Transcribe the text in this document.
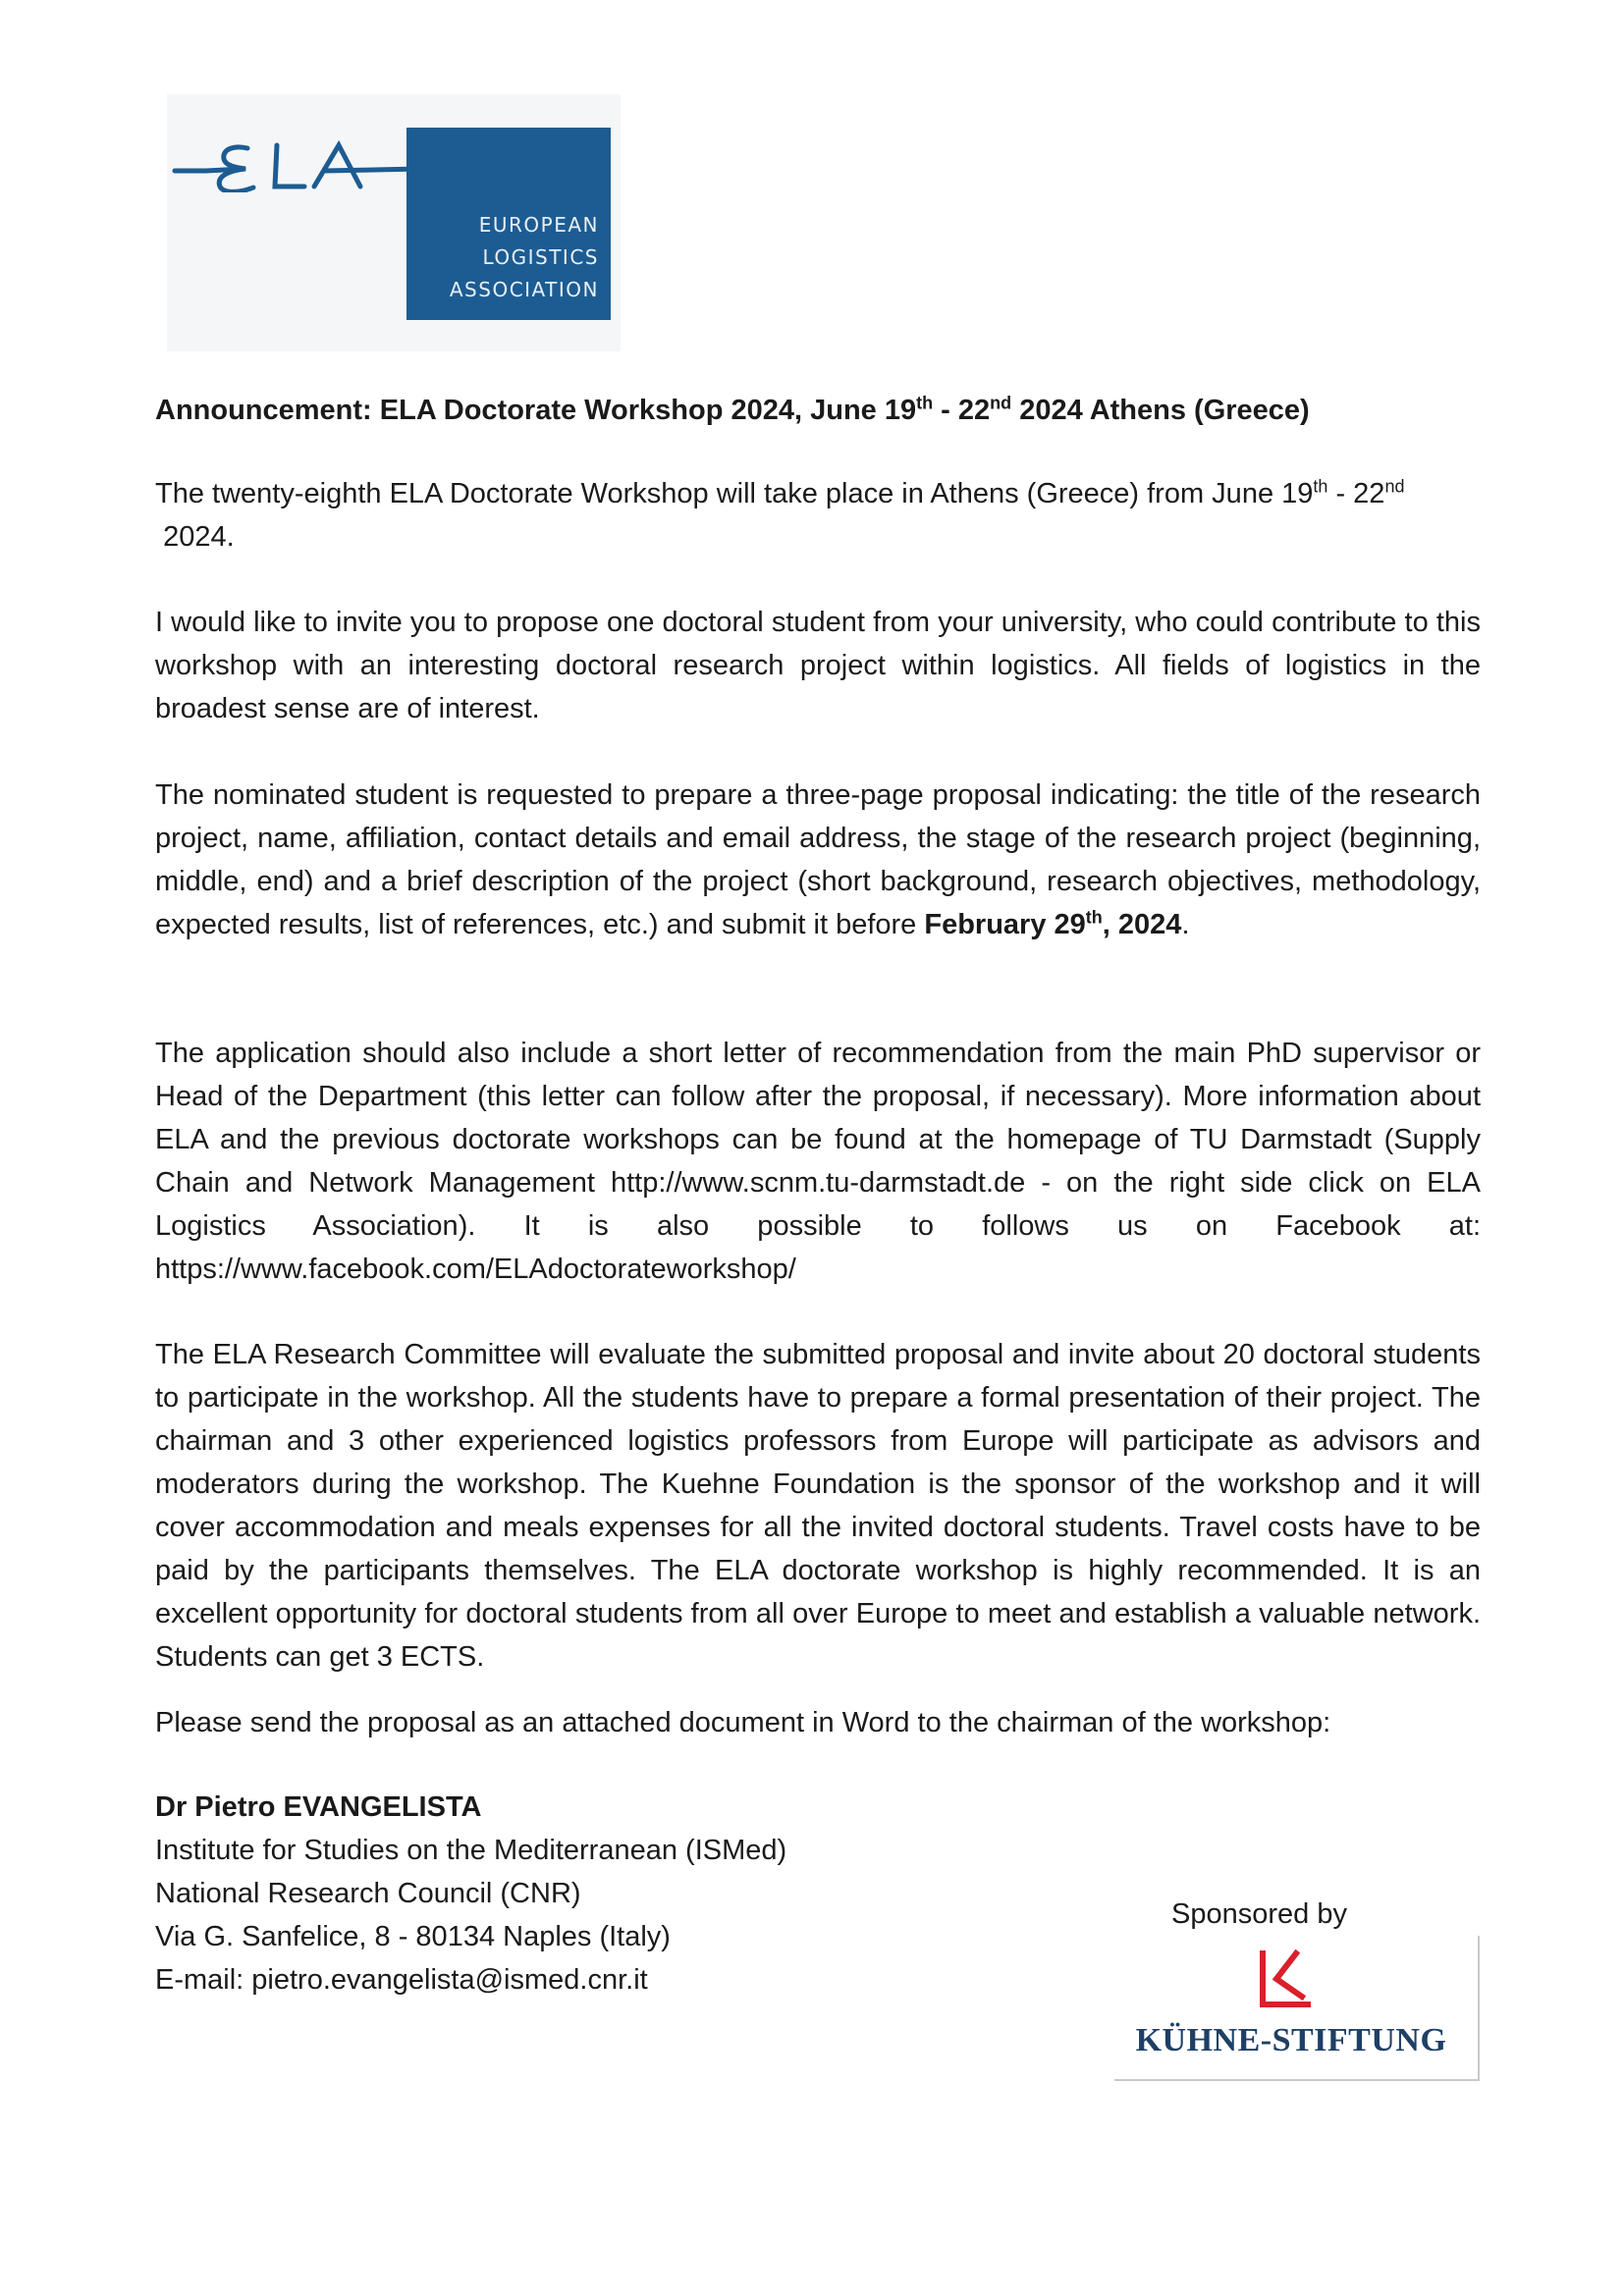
EUROPEAN
LOGISTICS
ASSOCIATION

Announcement: ELA Doctorate Workshop 2024, June 19th - 22nd 2024 Athens (Greece)

The twenty-eighth ELA Doctorate Workshop will take place in Athens (Greece) from June 19th - 22nd
2024.

I would like to invite you to propose one doctoral student from your university, who could contribute to this workshop with an interesting doctoral research project within logistics. All fields of logistics in the broadest sense are of interest.

The nominated student is requested to prepare a three-page proposal indicating: the title of the research project, name, affiliation, contact details and email address, the stage of the research project (beginning, middle, end) and a brief description of the project (short background, research objectives, methodology, expected results, list of references, etc.) and submit it before February 29th, 2024.

The application should also include a short letter of recommendation from the main PhD supervisor or Head of the Department (this letter can follow after the proposal, if necessary). More information about ELA and the previous doctorate workshops can be found at the homepage of TU Darmstadt (Supply Chain and Network Management http://www.scnm.tu-darmstadt.de - on the right side click on ELA Logistics Association). It is also possible to follows us on Facebook at: https://www.facebook.com/ELAdoctorateworkshop/

The ELA Research Committee will evaluate the submitted proposal and invite about 20 doctoral students to participate in the workshop. All the students have to prepare a formal presentation of their project. The chairman and 3 other experienced logistics professors from Europe will participate as advisors and moderators during the workshop. The Kuehne Foundation is the sponsor of the workshop and it will cover accommodation and meals expenses for all the invited doctoral students. Travel costs have to be paid by the participants themselves. The ELA doctorate workshop is highly recommended. It is an excellent opportunity for doctoral students from all over Europe to meet and establish a valuable network. Students can get 3 ECTS.

Please send the proposal as an attached document in Word to the chairman of the workshop:

Dr Pietro EVANGELISTA
Institute for Studies on the Mediterranean (ISMed)
National Research Council (CNR)
Via G. Sanfelice, 8 - 80134 Naples (Italy)
E-mail: pietro.evangelista@ismed.cnr.it
Sponsored by
KÜHNE-STIFTUNG
